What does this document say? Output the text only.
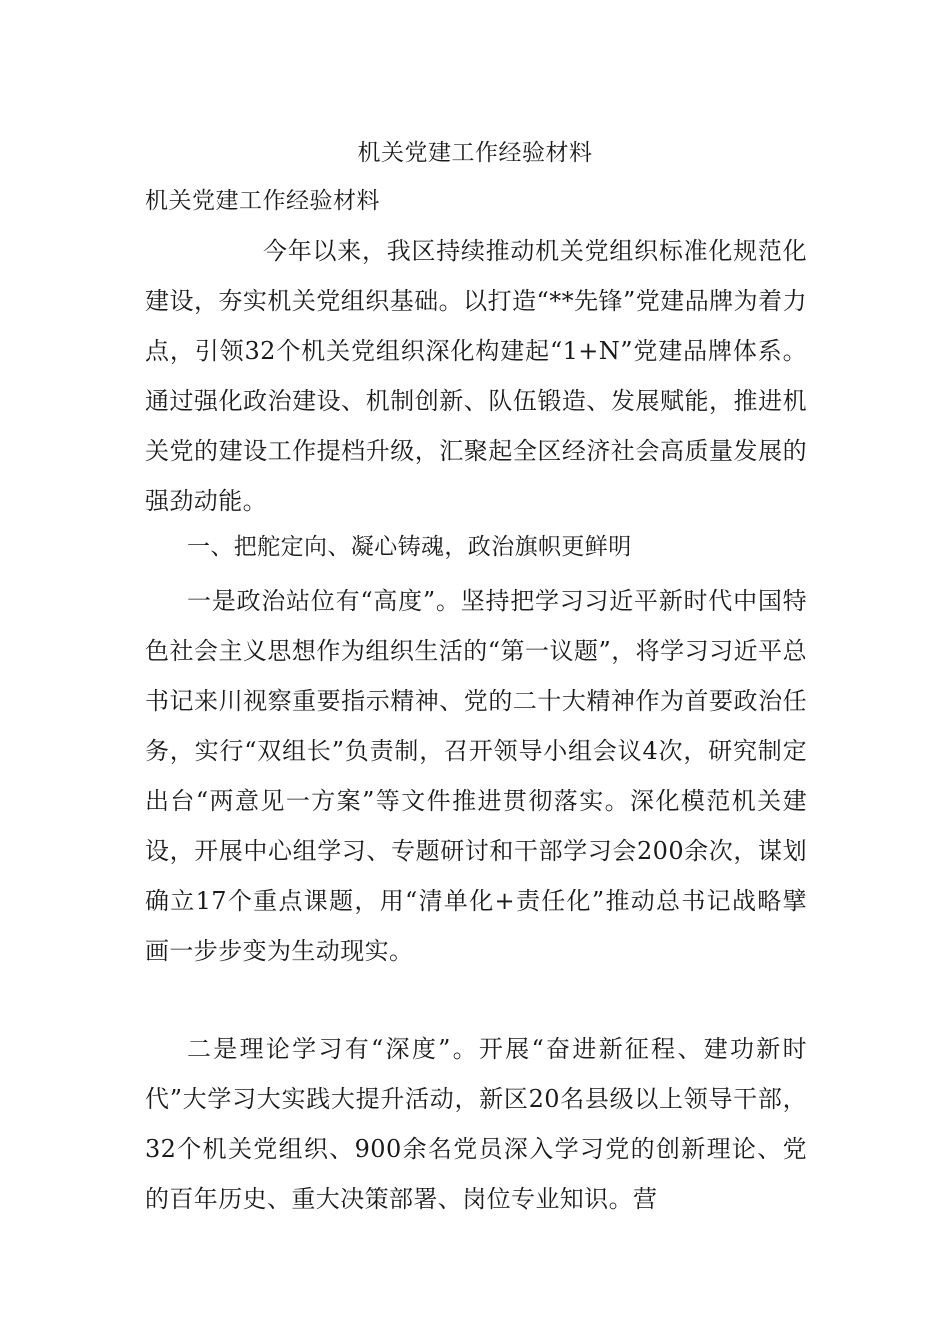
机关党建工作经验材料
机关党建工作经验材料

今年以来，我区持续推动机关党组织标准化规范化建设，夯实机关党组织基础。以打造“**先锋”党建品牌为着力点，引领32个机关党组织深化构建起“1+N”党建品牌体系。通过强化政治建设、机制创新、队伍锻造、发展赋能，推进机关党的建设工作提档升级，汇聚起全区经济社会高质量发展的强劲动能。

一、把舵定向、凝心铸魂，政治旗帜更鲜明

一是政治站位有“高度”。坚持把学习习近平新时代中国特色社会主义思想作为组织生活的“第一议题”，将学习习近平总书记来川视察重要指示精神、党的二十大精神作为首要政治任务，实行“双组长”负责制，召开领导小组会议4次，研究制定出台“两意见一方案”等文件推进贯彻落实。深化模范机关建设，开展中心组学习、专题研讨和干部学习会200余次，谋划确立17个重点课题，用“清单化+责任化”推动总书记战略擘画一步步变为生动现实。

二是理论学习有“深度”。开展“奋进新征程、建功新时代”大学习大实践大提升活动，新区20名县级以上领导干部，32个机关党组织、900余名党员深入学习党的创新理论、党的百年历史、重大决策部署、岗位专业知识。营
